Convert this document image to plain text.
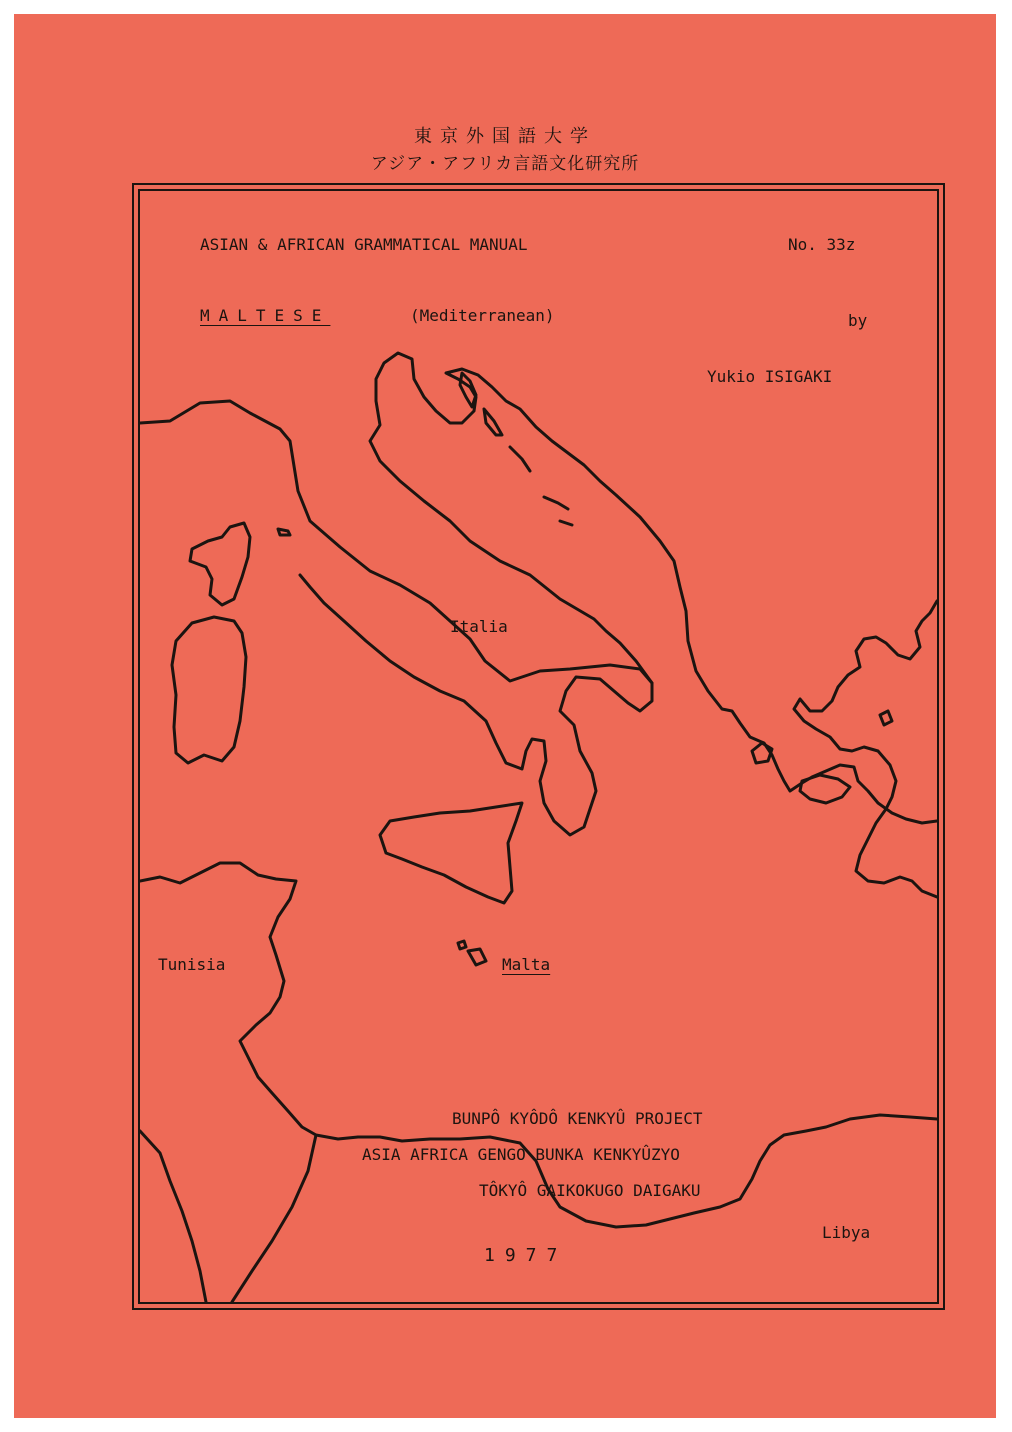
東京外国語大学
アジア・アフリカ言語文化研究所
ASIAN & AFRICAN GRAMMATICAL MANUAL	No. 33z
MALTESE	(Mediterranean)	by
Yukio ISIGAKI
Italia
Tunisia	Malta
BUNPÔ KYÔDÔ KENKYÛ PROJECT
ASIA AFRICA GENGO BUNKA KENKYÛZYO
TÔKYÔ GAIKOKUGO DAIGAKU
1977
Libya
